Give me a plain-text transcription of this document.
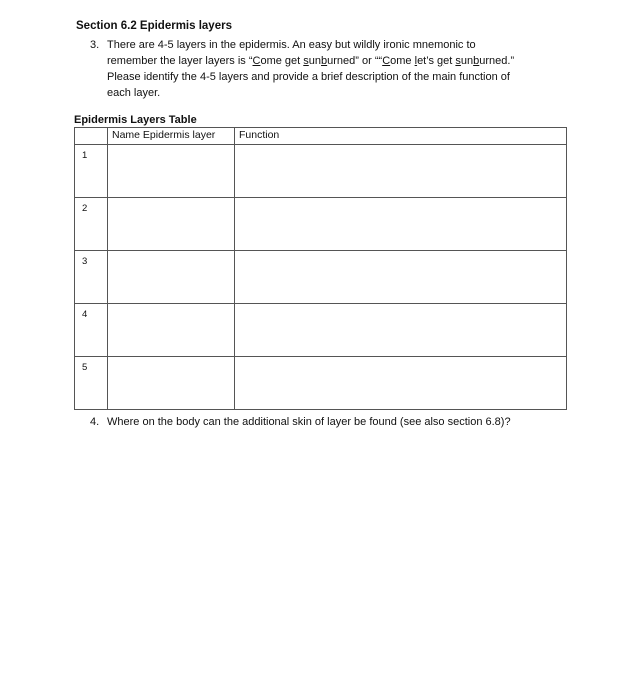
Section 6.2 Epidermis layers
3. There are 4-5 layers in the epidermis. An easy but wildly ironic mnemonic to
remember the layer layers is “Come get sunburned” or ““Come let’s get sunburned.”
Please identify the 4-5 layers and provide a brief description of the main function of
each layer.
Epidermis Layers Table
	Name Epidermis layer	Function
1		
2		
3		
4		
5		
4. Where on the body can the additional skin of layer be found (see also section 6.8)?
